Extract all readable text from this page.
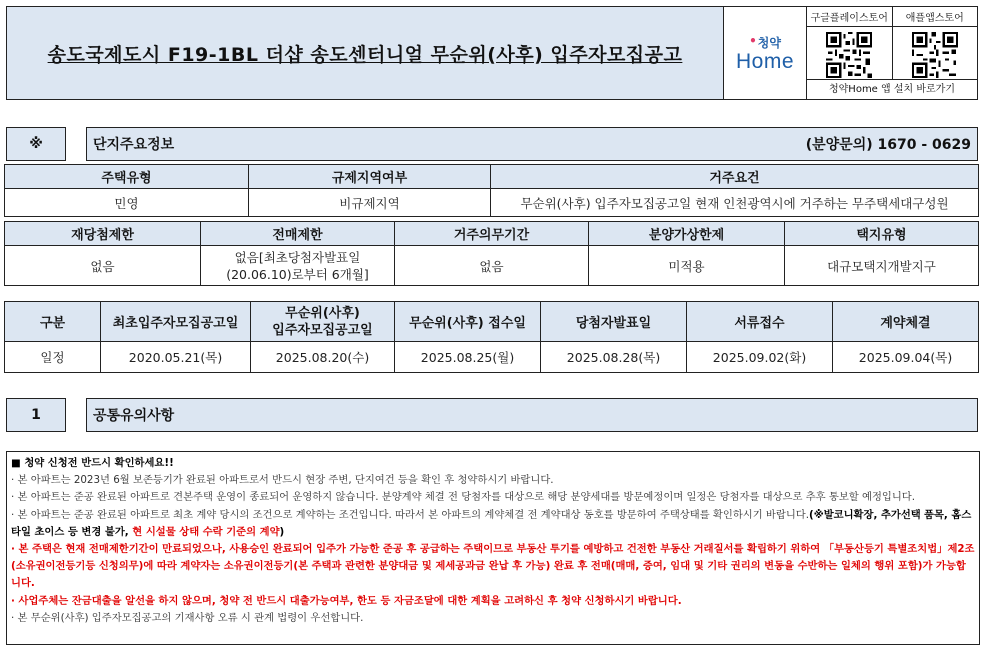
송도국제도시 F19-1BL 더샵 송도센터니얼 무순위(사후) 입주자모집공고
• 청약
Home
구글플레이스토어	애플앱스토어
청약Home 앱 설치 바로가기
※	단지주요정보	(분양문의) 1670 - 0629
주택유형	규제지역여부	거주요건
민영	비규제지역	무순위(사후) 입주자모집공고일 현재 인천광역시에 거주하는 무주택세대구성원
재당첨제한	전매제한	거주의무기간	분양가상한제	택지유형
없음	없음[최초당첨자발표일
(20.06.10)로부터 6개월]	없음	미적용	대규모택지개발지구
구분	최초입주자모집공고일	무순위(사후)
입주자모집공고일	무순위(사후) 접수일	당첨자발표일	서류접수	계약체결
일정	2020.05.21(목)	2025.08.20(수)	2025.08.25(월)	2025.08.28(목)	2025.09.02(화)	2025.09.04(목)
1	공통유의사항
■ 청약 신청전 반드시 확인하세요!!
· 본 아파트는 2023년 6월 보존등기가 완료된 아파트로서 반드시 현장 주변, 단지여건 등을 확인 후 청약하시기 바랍니다.
· 본 아파트는 준공 완료된 아파트로 견본주택 운영이 종료되어 운영하지 않습니다. 분양계약 체결 전 당첨자를 대상으로 해당 분양세대를 방문예정이며 일정은 당첨자를 대상으로 추후 통보할 예정입니다.
· 본 아파트는 준공 완료된 아파트로 최초 계약 당시의 조건으로 계약하는 조건입니다. 따라서 본 아파트의 계약체결 전 계약대상 동호를 방문하여 주택상태를 확인하시기 바랍니다.(※발코니확장, 추가선택 품목, 홈스타일 초이스 등 변경 불가, 현 시설물 상태 수락 기준의 계약)
· 본 주택은 현재 전매제한기간이 만료되었으나, 사용승인 완료되어 입주가 가능한 준공 후 공급하는 주택이므로 부동산 투기를 예방하고 건전한 부동산 거래질서를 확립하기 위하여 「부동산등기 특별조치법」제2조(소유권이전등기등 신청의무)에 따라 계약자는 소유권이전등기(본 주택과 관련한 분양대금 및 제세공과금 완납 후 가능) 완료 후 전매(매매, 증여, 임대 및 기타 권리의 변동을 수반하는 일체의 행위 포함)가 가능합니다.
· 사업주체는 잔금대출을 알선을 하지 않으며, 청약 전 반드시 대출가능여부, 한도 등 자금조달에 대한 계획을 고려하신 후 청약 신청하시기 바랍니다.
· 본 무순위(사후) 입주자모집공고의 기재사항 오류 시 관계 법령이 우선합니다.
